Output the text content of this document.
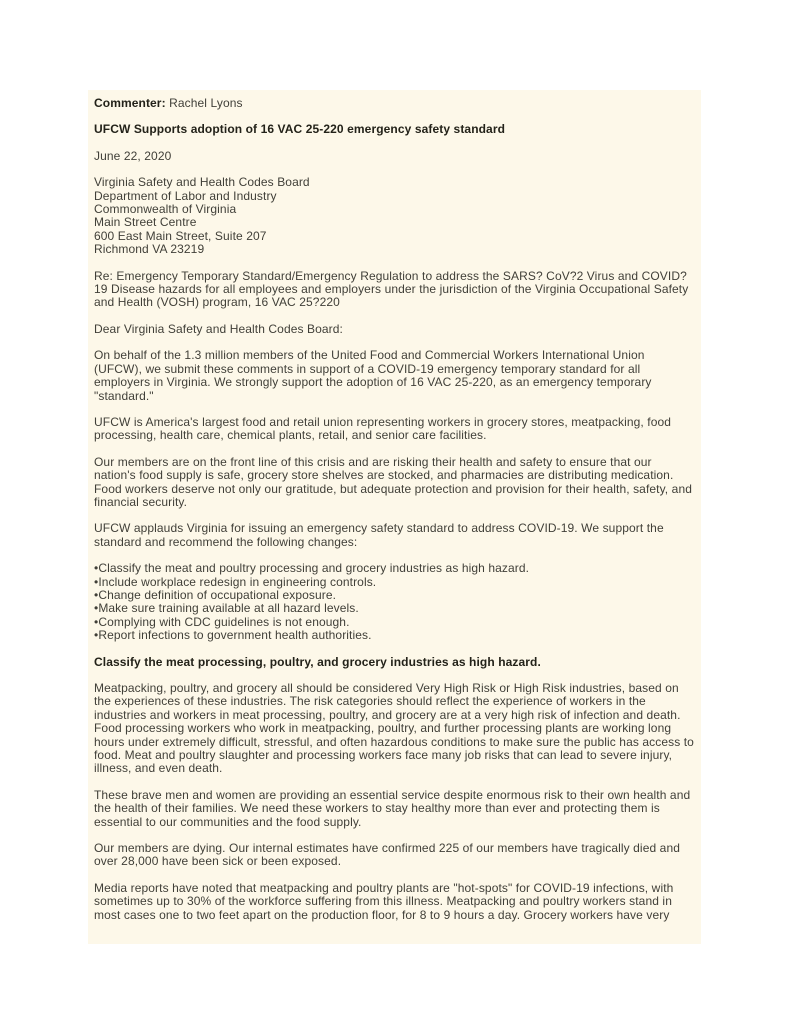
Commenter: Rachel Lyons

UFCW Supports adoption of 16 VAC 25-220 emergency safety standard

June 22, 2020

Virginia Safety and Health Codes Board
Department of Labor and Industry
Commonwealth of Virginia
Main Street Centre
600 East Main Street, Suite 207
Richmond VA 23219

Re: Emergency Temporary Standard/Emergency Regulation to address the SARS? CoV?2 Virus and COVID?19 Disease hazards for all employees and employers under the jurisdiction of the Virginia Occupational Safety and Health (VOSH) program, 16 VAC 25?220

Dear Virginia Safety and Health Codes Board:

On behalf of the 1.3 million members of the United Food and Commercial Workers International Union (UFCW), we submit these comments in support of a COVID-19 emergency temporary standard for all employers in Virginia. We strongly support the adoption of 16 VAC 25-220, as an emergency temporary "standard."

UFCW is America's largest food and retail union representing workers in grocery stores, meatpacking, food processing, health care, chemical plants, retail, and senior care facilities.

Our members are on the front line of this crisis and are risking their health and safety to ensure that our nation's food supply is safe, grocery store shelves are stocked, and pharmacies are distributing medication. Food workers deserve not only our gratitude, but adequate protection and provision for their health, safety, and financial security.

UFCW applauds Virginia for issuing an emergency safety standard to address COVID-19. We support the standard and recommend the following changes:

• Classify the meat and poultry processing and grocery industries as high hazard.
• Include workplace redesign in engineering controls.
• Change definition of occupational exposure.
• Make sure training available at all hazard levels.
• Complying with CDC guidelines is not enough.
• Report infections to government health authorities.

Classify the meat processing, poultry, and grocery industries as high hazard.

Meatpacking, poultry, and grocery all should be considered Very High Risk or High Risk industries, based on the experiences of these industries. The risk categories should reflect the experience of workers in the industries and workers in meat processing, poultry, and grocery are at a very high risk of infection and death. Food processing workers who work in meatpacking, poultry, and further processing plants are working long hours under extremely difficult, stressful, and often hazardous conditions to make sure the public has access to food. Meat and poultry slaughter and processing workers face many job risks that can lead to severe injury, illness, and even death.

These brave men and women are providing an essential service despite enormous risk to their own health and the health of their families. We need these workers to stay healthy more than ever and protecting them is essential to our communities and the food supply.

Our members are dying. Our internal estimates have confirmed 225 of our members have tragically died and over 28,000 have been sick or been exposed.

Media reports have noted that meatpacking and poultry plants are "hot-spots" for COVID-19 infections, with sometimes up to 30% of the workforce suffering from this illness. Meatpacking and poultry workers stand in most cases one to two feet apart on the production floor, for 8 to 9 hours a day. Grocery workers have very
